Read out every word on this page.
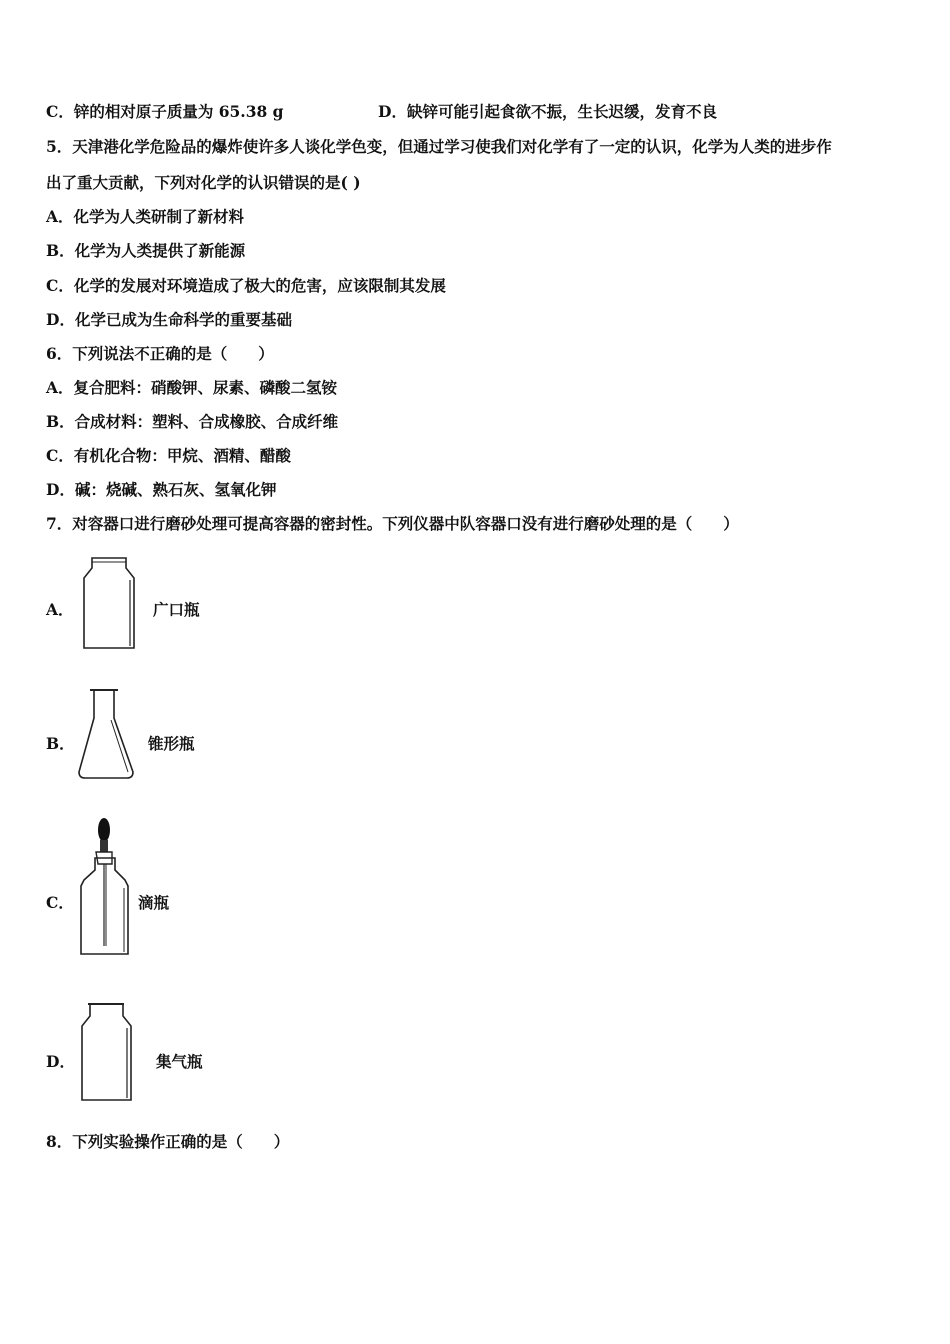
C．锌的相对原子质量为 65.38 g	D．缺锌可能引起食欲不振，生长迟缓，发育不良
5．天津港化学危险品的爆炸使许多人谈化学色变，但通过学习使我们对化学有了一定的认识，化学为人类的进步作
出了重大贡献，下列对化学的认识错误的是( )
A．化学为人类研制了新材料
B．化学为人类提供了新能源
C．化学的发展对环境造成了极大的危害，应该限制其发展
D．化学已成为生命科学的重要基础
6．下列说法不正确的是（　　）
A．复合肥料：硝酸钾、尿素、磷酸二氢铵
B．合成材料：塑料、合成橡胶、合成纤维
C．有机化合物：甲烷、酒精、醋酸
D．碱：烧碱、熟石灰、氢氧化钾
7．对容器口进行磨砂处理可提高容器的密封性。下列仪器中队容器口没有进行磨砂处理的是（　　）
A．	广口瓶
B．	锥形瓶
C．	滴瓶
D．	集气瓶
8．下列实验操作正确的是（　　）
